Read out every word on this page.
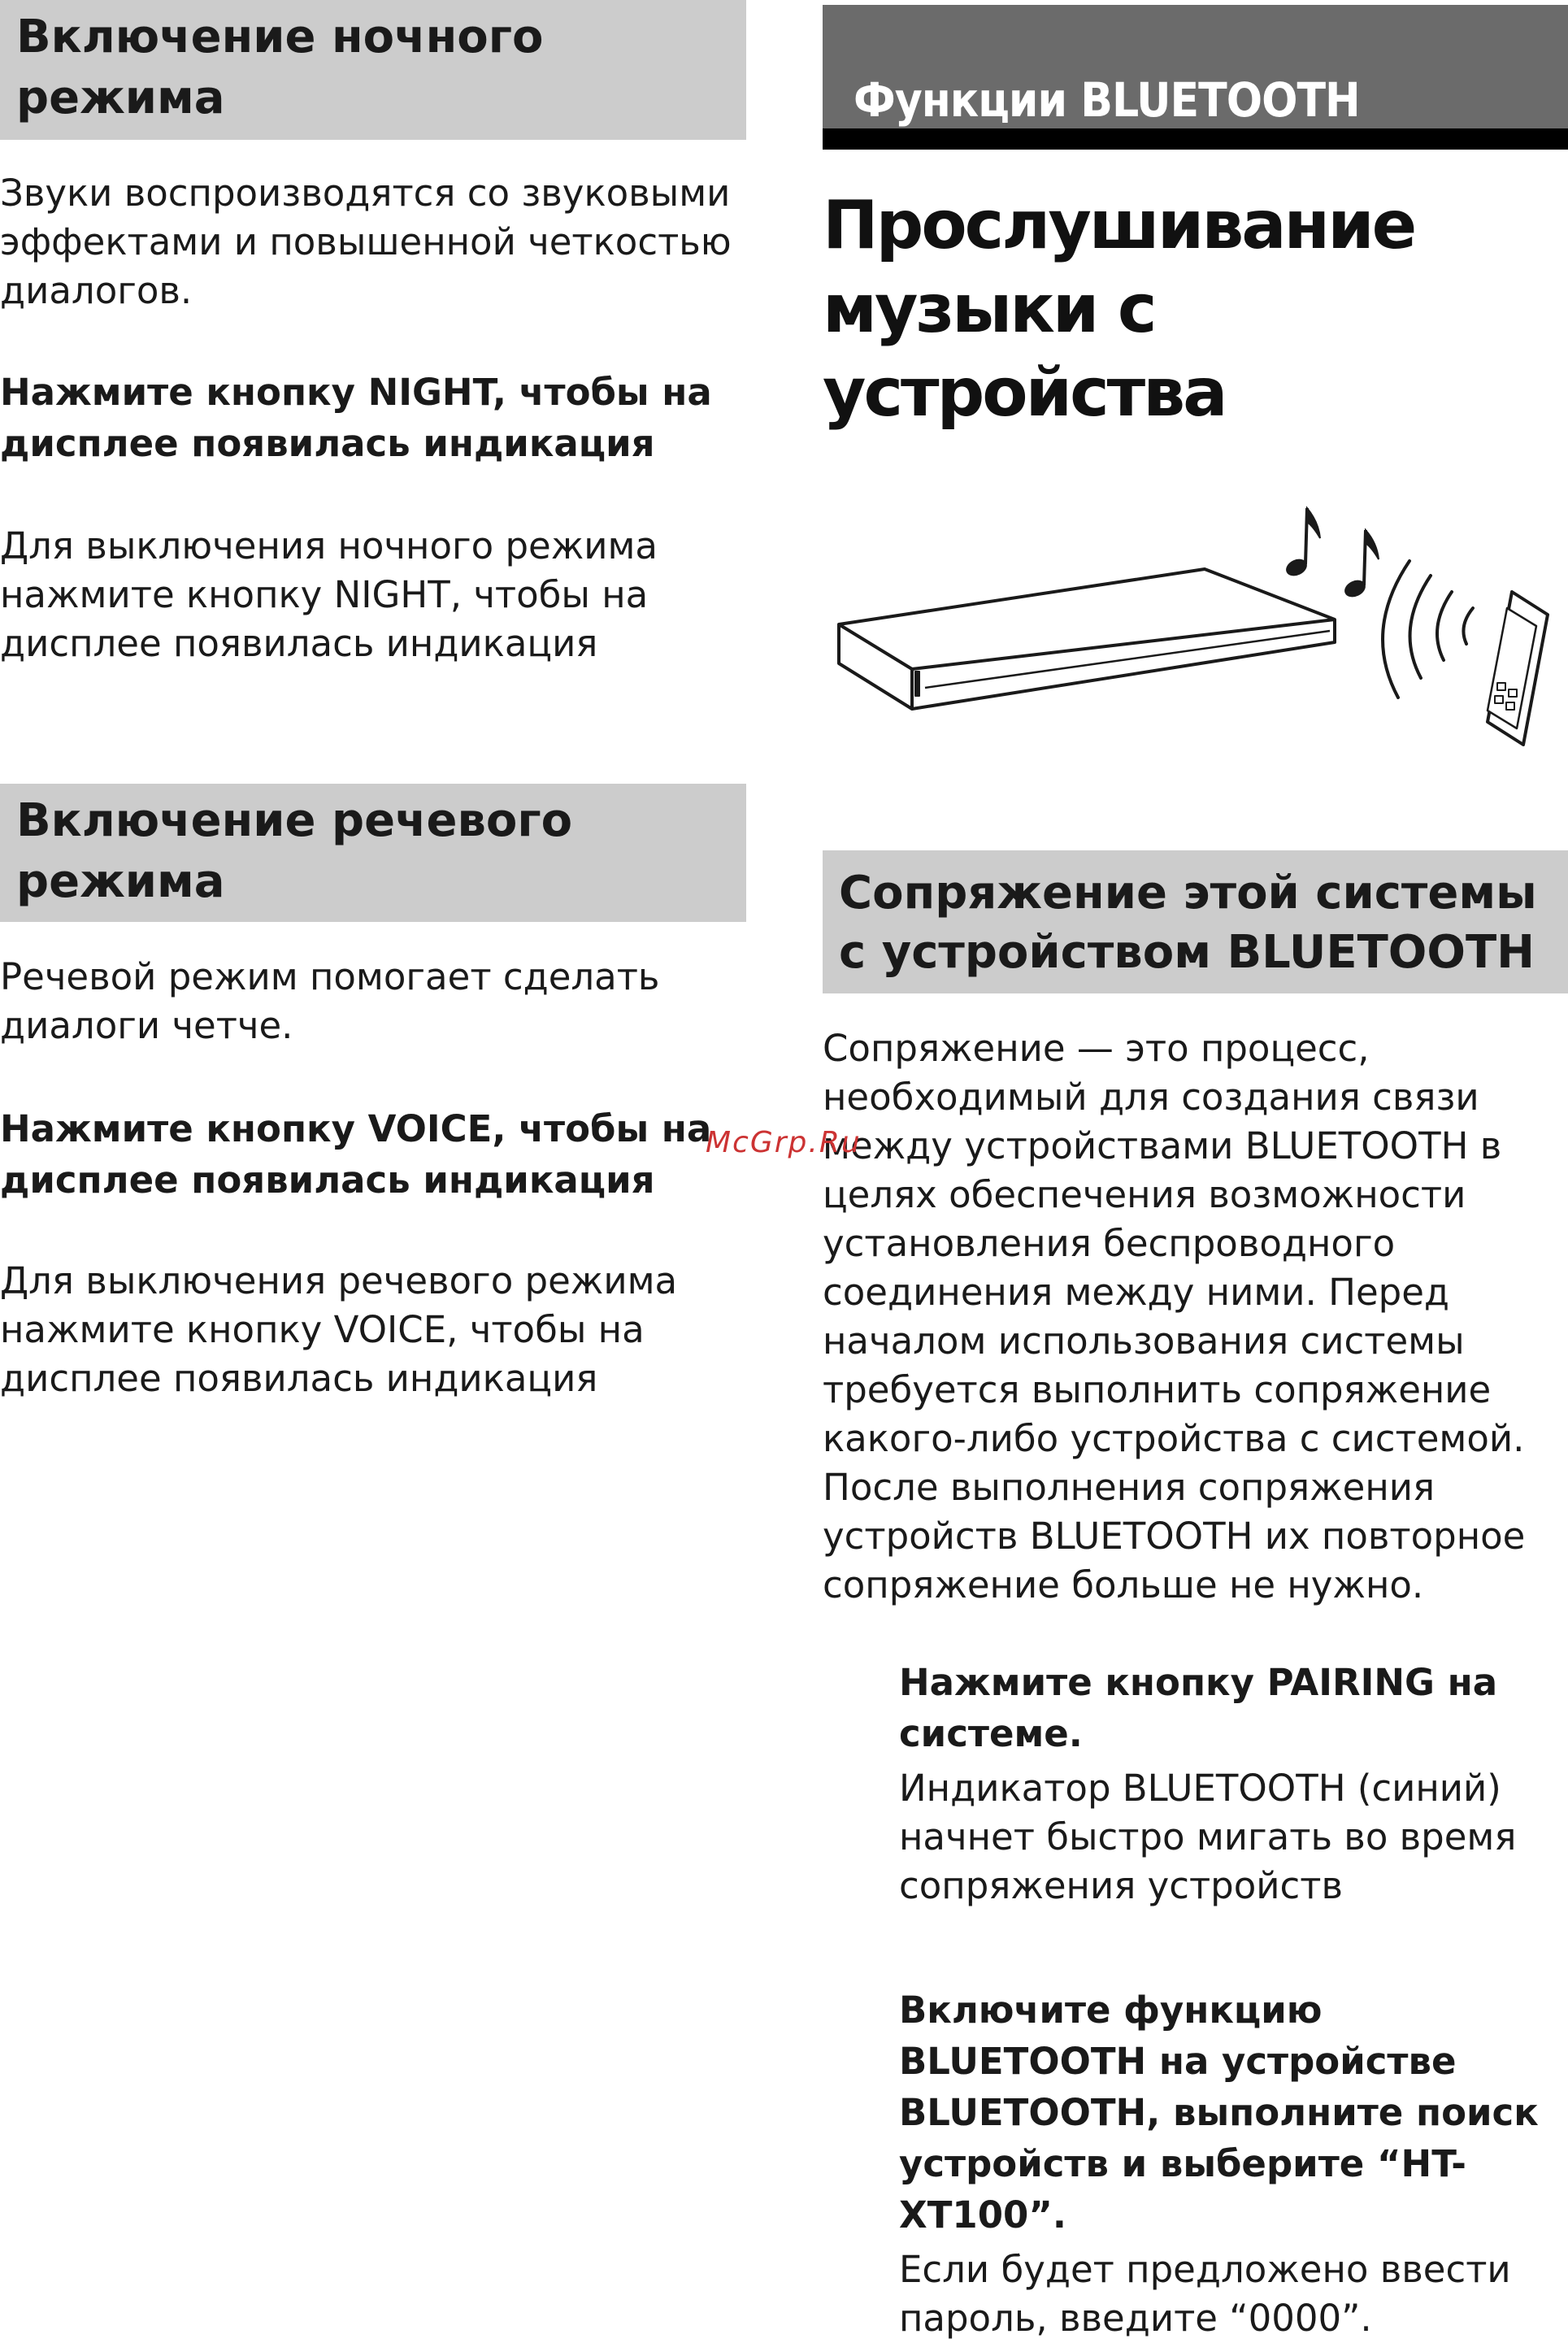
Включение ночного режима

Звуки воспроизводятся со звуковыми эффектами и повышенной четкостью диалогов.

Нажмите кнопку NIGHT, чтобы на дисплее появилась индикация

Для выключения ночного режима нажмите кнопку NIGHT, чтобы на дисплее появилась индикация

Включение речевого режима

Речевой режим помогает сделать диалоги четче.

Нажмите кнопку VOICE, чтобы на дисплее появилась индикация

Для выключения речевого режима нажмите кнопку VOICE, чтобы на дисплее появилась индикация

Функции BLUETOOTH
Прослушивание музыки с устройства
Сопряжение этой системы с устройством BLUETOOTH

Сопряжение — это процесс, необходимый для создания связи между устройствами BLUETOOTH в целях обеспечения возможности установления беспроводного соединения между ними. Перед началом использования системы требуется выполнить сопряжение какого-либо устройства с системой. После выполнения сопряжения устройств BLUETOOTH их повторное сопряжение больше не нужно.

Нажмите кнопку PAIRING на системе.

Индикатор BLUETOOTH (синий) начнет быстро мигать во время сопряжения устройств

Включите функцию BLUETOOTH на устройстве BLUETOOTH, выполните поиск устройств и выберите “HT-XT100”.

Если будет предложено ввести пароль, введите “0000”.

McGrp.Ru
